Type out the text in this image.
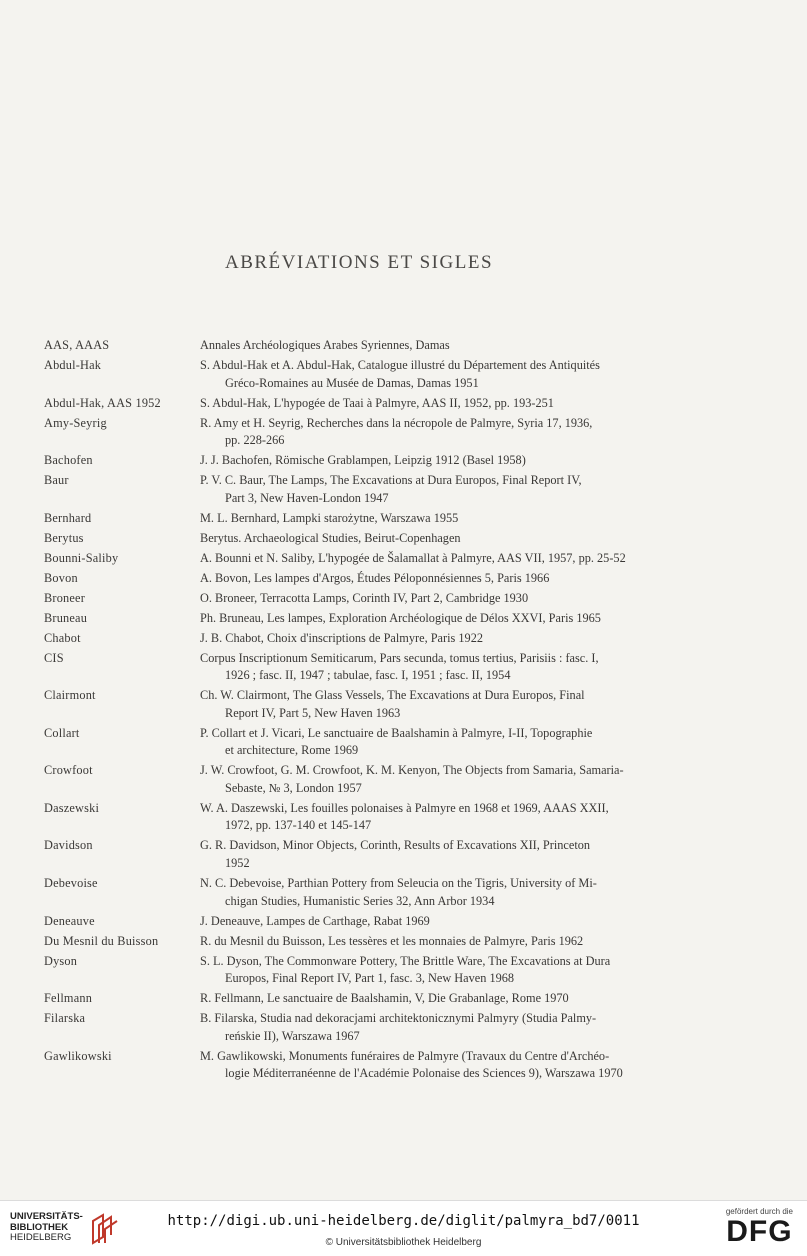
ABRÉVIATIONS ET SIGLES
AAS, AAAS	Annales Archéologiques Arabes Syriennes, Damas
Abdul-Hak	S. Abdul-Hak et A. Abdul-Hak, Catalogue illustré du Département des Antiquités
Gréco-Romaines au Musée de Damas, Damas 1951
Abdul-Hak, AAS 1952	S. Abdul-Hak, L'hypogée de Taai à Palmyre, AAS II, 1952, pp. 193-251
Amy-Seyrig	R. Amy et H. Seyrig, Recherches dans la nécropole de Palmyre, Syria 17, 1936,
pp. 228-266
Bachofen	J. J. Bachofen, Römische Grablampen, Leipzig 1912 (Basel 1958)
Baur	P. V. C. Baur, The Lamps, The Excavations at Dura Europos, Final Report IV,
Part 3, New Haven-London 1947
Bernhard	M. L. Bernhard, Lampki starożytne, Warszawa 1955
Berytus	Berytus. Archaeological Studies, Beirut-Copenhagen
Bounni-Saliby	A. Bounni et N. Saliby, L'hypogée de Šalamallat à Palmyre, AAS VII, 1957, pp. 25-52
Bovon	A. Bovon, Les lampes d'Argos, Études Péloponnésiennes 5, Paris 1966
Broneer	O. Broneer, Terracotta Lamps, Corinth IV, Part 2, Cambridge 1930
Bruneau	Ph. Bruneau, Les lampes, Exploration Archéologique de Délos XXVI, Paris 1965
Chabot	J. B. Chabot, Choix d'inscriptions de Palmyre, Paris 1922
CIS	Corpus Inscriptionum Semiticarum, Pars secunda, tomus tertius, Parisiis : fasc. I,
1926 ; fasc. II, 1947 ; tabulae, fasc. I, 1951 ; fasc. II, 1954
Clairmont	Ch. W. Clairmont, The Glass Vessels, The Excavations at Dura Europos, Final
Report IV, Part 5, New Haven 1963
Collart	P. Collart et J. Vicari, Le sanctuaire de Baalshamin à Palmyre, I-II, Topographie
et architecture, Rome 1969
Crowfoot	J. W. Crowfoot, G. M. Crowfoot, K. M. Kenyon, The Objects from Samaria, Samaria-
Sebaste, № 3, London 1957
Daszewski	W. A. Daszewski, Les fouilles polonaises à Palmyre en 1968 et 1969, AAAS XXII,
1972, pp. 137-140 et 145-147
Davidson	G. R. Davidson, Minor Objects, Corinth, Results of Excavations XII, Princeton
1952
Debevoise	N. C. Debevoise, Parthian Pottery from Seleucia on the Tigris, University of Mi-
chigan Studies, Humanistic Series 32, Ann Arbor 1934
Deneauve	J. Deneauve, Lampes de Carthage, Rabat 1969
Du Mesnil du Buisson	R. du Mesnil du Buisson, Les tessères et les monnaies de Palmyre, Paris 1962
Dyson	S. L. Dyson, The Commonware Pottery, The Brittle Ware, The Excavations at Dura
Europos, Final Report IV, Part 1, fasc. 3, New Haven 1968
Fellmann	R. Fellmann, Le sanctuaire de Baalshamin, V, Die Grabanlage, Rome 1970
Filarska	B. Filarska, Studia nad dekoracjami architektonicznymi Palmyry (Studia Palmy-
reńskie II), Warszawa 1967
Gawlikowski	M. Gawlikowski, Monuments funéraires de Palmyre (Travaux du Centre d'Archéo-
logie Méditerranéenne de l'Académie Polonaise des Sciences 9), Warszawa 1970
UNIVERSITÄTS-
BIBLIOTHEK
HEIDELBERG
http://digi.ub.uni-heidelberg.de/diglit/palmyra_bd7/0011
© Universitätsbibliothek Heidelberg
gefördert durch die
DFG
